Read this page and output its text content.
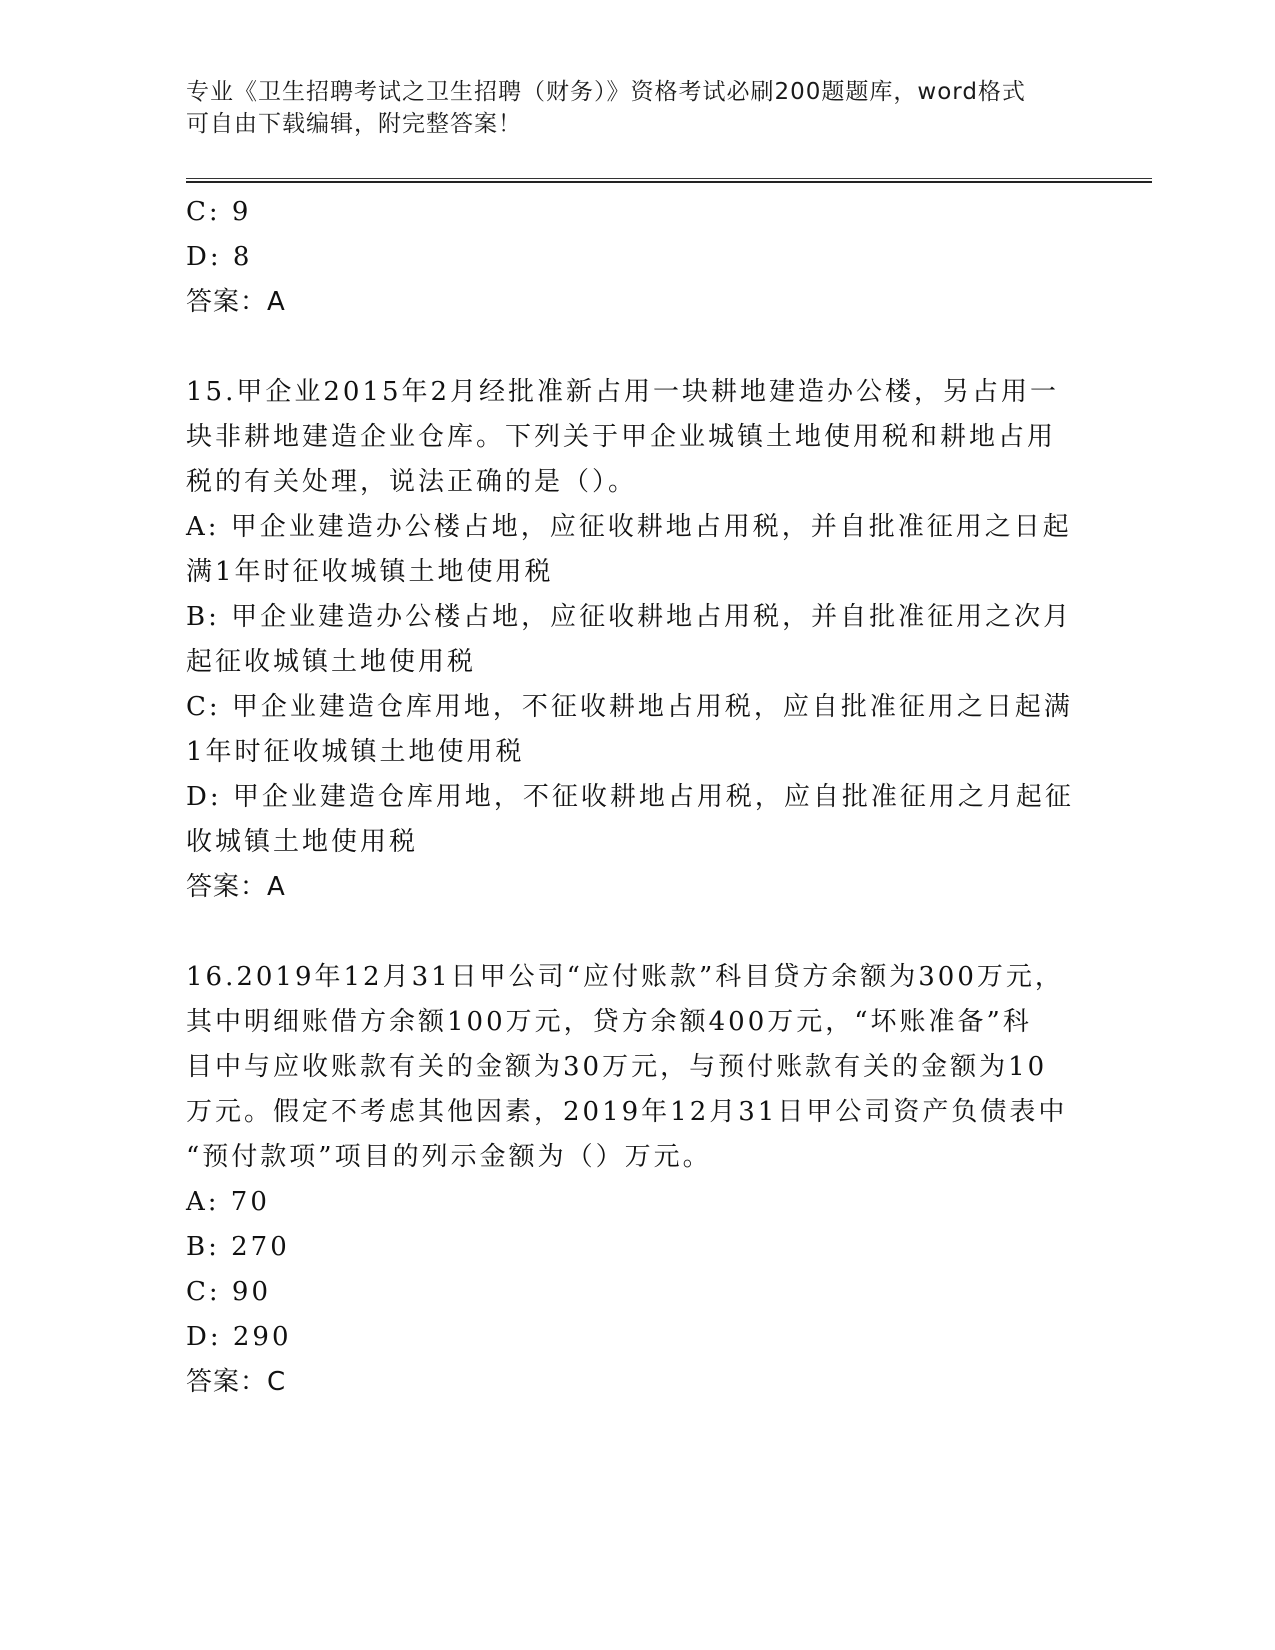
专业《卫生招聘考试之卫生招聘（财务）》资格考试必刷200题题库，word格式
可自由下载编辑，附完整答案！
C: 9
D: 8
答案：A
15.甲企业2015年2月经批准新占用一块耕地建造办公楼，另占用一
块非耕地建造企业仓库。下列关于甲企业城镇土地使用税和耕地占用
税的有关处理，说法正确的是（）。
A: 甲企业建造办公楼占地，应征收耕地占用税，并自批准征用之日起
满1年时征收城镇土地使用税
B: 甲企业建造办公楼占地，应征收耕地占用税，并自批准征用之次月
起征收城镇土地使用税
C: 甲企业建造仓库用地，不征收耕地占用税，应自批准征用之日起满
1年时征收城镇土地使用税
D: 甲企业建造仓库用地，不征收耕地占用税，应自批准征用之月起征
收城镇土地使用税
答案：A
16.2019年12月31日甲公司“应付账款”科目贷方余额为300万元，
其中明细账借方余额100万元，贷方余额400万元，“坏账准备”科
目中与应收账款有关的金额为30万元，与预付账款有关的金额为10
万元。假定不考虑其他因素，2019年12月31日甲公司资产负债表中
“预付款项”项目的列示金额为（）万元。
A: 70
B: 270
C: 90
D: 290
答案：C
